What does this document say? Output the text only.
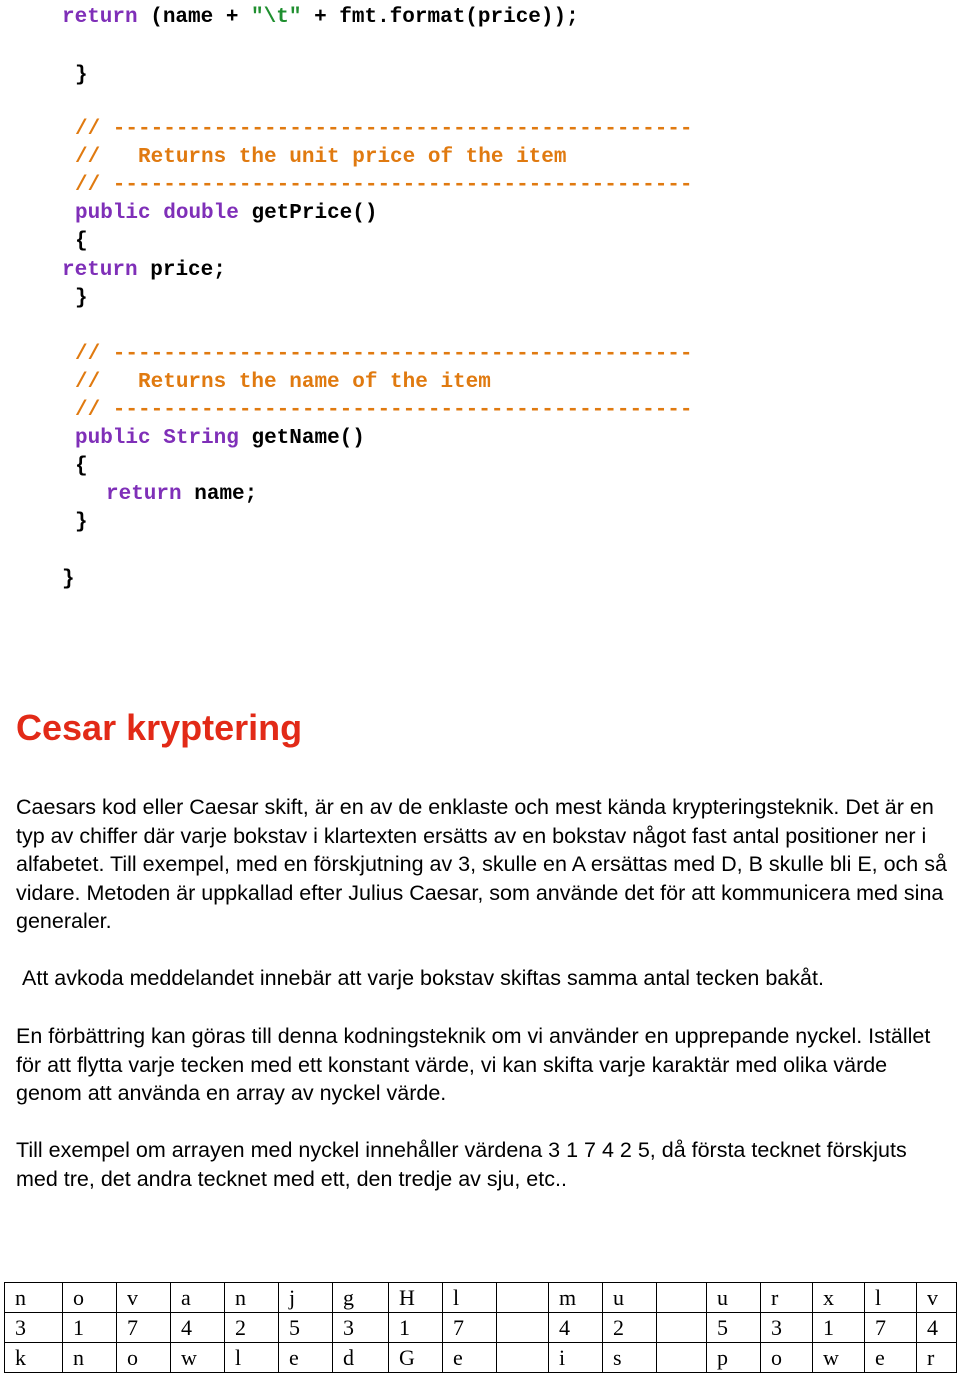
return (name + "\t" + fmt.format(price));
}
// ----------------------------------------------
//   Returns the unit price of the item
// ----------------------------------------------
public double getPrice()
{
return price;
}
// ----------------------------------------------
//   Returns the name of the item
// ----------------------------------------------
public String getName()
{
return name;
}
}
Cesar kryptering

Caesars kod eller Caesar skift, är en av de enklaste och mest kända krypteringsteknik. Det är en typ av chiffer där varje bokstav i klartexten ersätts av en bokstav något fast antal positioner ner i alfabetet. Till exempel, med en förskjutning av 3, skulle en A ersättas med D, B skulle bli E, och så vidare. Metoden är uppkallad efter Julius Caesar, som använde det för att kommunicera med sina generaler.

Att avkoda meddelandet innebär att varje bokstav skiftas samma antal tecken bakåt.

En förbättring kan göras till denna kodningsteknik om vi använder en upprepande nyckel. Istället för att flytta varje tecken med ett konstant värde, vi kan skifta varje karaktär med olika värde genom att använda en array av nyckel värde.

Till exempel om arrayen med nyckel innehåller värdena 3 1 7 4 2 5, då första tecknet förskjuts med tre, det andra tecknet med ett, den tredje av sju, etc..

n	o	v	a	n	j	g	H	l		m	u		u	r	x	l	v
3	1	7	4	2	5	3	1	7		4	2		5	3	1	7	4
k	n	o	w	l	e	d	G	e		i	s		p	o	w	e	r
